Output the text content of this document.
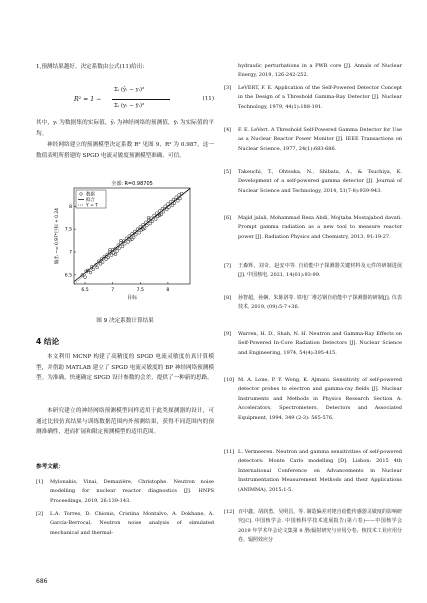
1,预测结果越好。决定系数由公式(11)给出:
R² = 1 −
Σᵢ (ŷᵢ − yᵢ)²
Σᵢ (yᵢ − ȳᵢ)²
(11)
其中，yᵢ 为数据集的实际值，ŷᵢ 为神经网络的预测值，ȳᵢ 为实际值的平均。
神经网络建立的预测模型决定系数 R² 见图 9，R² 为 0.987。这一数值表明所搭建的 SPGD 电流灵敏度预测模型准确、可信。
全部: R=0.98705
6.5	7	7.5	8
6.5
7
7.5
8
目标
输出 ~= 0.97*目标 + 0.24
数据
拟合
Y = T
图 9 决定系数计算结果
4 结论
本文利用 MCNP 构建了高精度的 SPGD 电流灵敏度仿真计算模型，并借助 MATLAB 建立了 SPGD 电流灵敏度的 BP 神经网络预测模型。为准确、快速确定 SPGD 设计参数的会差，提供了一种新的思路。
本研究建立的神经网络预测模型同样适用于此类探测器的设计，可通过比较仿真结果与训练数据范围内外预测结果，获得不同范围内的预测准确性，进而扩展和限定预测模型的适用范围。
参考文献：
[1]	Mylonakis, Vinai, Demazière, Christophe. Neutron noise modelling for nuclear reactor diagnostics [J]. HNPS Proceedings, 2019, 26:139-143.
[2]	L.A. Torres, D. Chionis, Cristina Montalvo, A. Dokhane, A. García-Berrocal, Neutron noise analysis of simulated mechanical and thermal-
hydraulic perturbations in a PWR core [J]. Annals of Nuclear Energy, 2019, 126:242-252.
[3]	LeVERT, F. E. Application of the Self-Powered Detector Concept in the Design of a Threshold Gamma-Ray Detector [J]. Nuclear Technology, 1979, 44(1):188-191.
[4]	F. E. LeVert. A Threshold Self-Powered Gamma Detector for Use as a Nuclear Reactor Power Monitor [J]. IEEE Transactions on Nuclear Science, 1977, 24(1):683-686.
[5]	Takeuchi, T., Ohtsuka, N., Shibata, A., & Tsuchiya, K. Development of a self-powered gamma detector [J]. Journal of Nuclear Science and Technology, 2014, 51(7-8):939-943.
[6]	Majid jalali, Mohammad Reza Abdi, Mojtaba Mostajabod davati. Prompt gamma radiation as a new tool to measure reactor power [J]. Radiation Physics and Chemistry, 2013, 91:19-27.
[7]	王森辉，刘奇，赵安中等. 自给能中子探测器关键材料及元件的研制进展[J]. 中国核电, 2021, 14(01):93-99.
[8]	孙智超，孙娴，朱陈洛等. 铁电厂堆芯钢自给能中子探测器的研制[J]. 仪表技术, 2019, (09):5-7+36.
[9]	Warren, H. D., Shah, N. H. Neutron and Gamma-Ray Effects on Self-Powered In-Core Radiation Detectors [J]. Nuclear Science and Engineering, 1974, 54(4):395-415.
[10] M. A. Lone, P. Y. Wong, K. Ajmani. Sensitivity of self-powered detector probes to electron and gamma-ray fields [J]. Nuclear Instruments and Methods in Physics Research Section A: Accelerators, Spectrometers, Detectors and Associated Equipment, 1994, 349 (2-3): 565-576.
[11] L. Vermeeren. Neutron and gamma sensitivities of self-powered detectors: Monte Carlo modelling [D]. Lisbon: 2015 4th International Conference on Advancements in Nuclear Instrumentation Measurement Methods and their Applications (ANIMMA), 2015:1-5.
[12] 百中鑫，胡润勇，吴明昌，等. 制造偏差对铑自给能传感器灵敏度的影响研究[C]. 中国核学会. 中国核科学技术进展报告(第六卷)——中国核学会 2019 年学术年会论文集第 8 册(辐射研究与应用分卷、核技术工业应用分卷、辐照效应分
686
